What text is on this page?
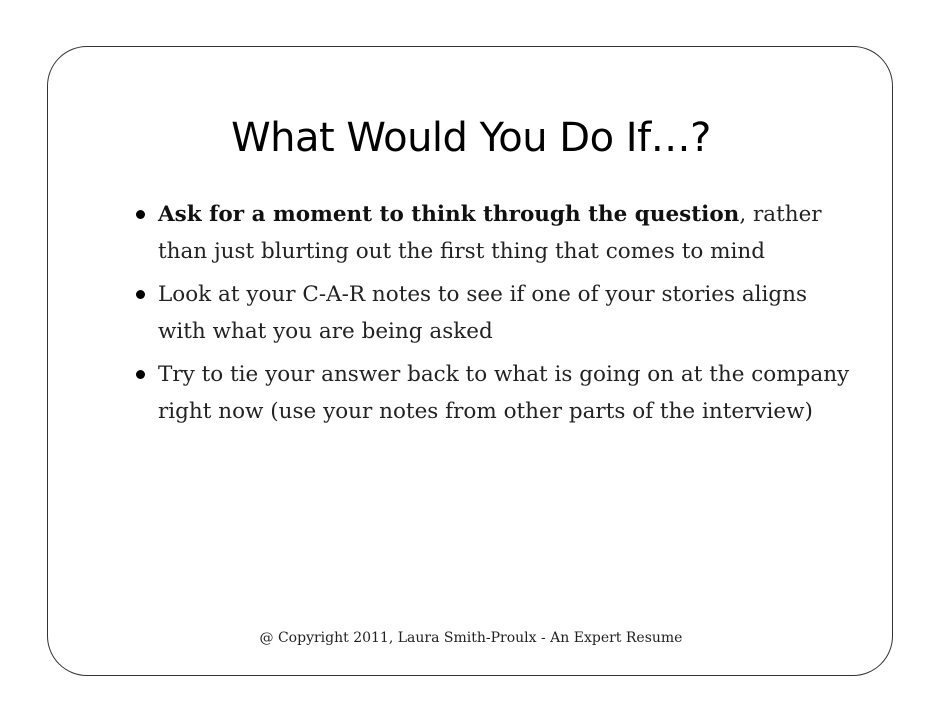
What Would You Do If…?
Ask for a moment to think through the question, rather than just blurting out the first thing that comes to mind
Look at your C-A-R notes to see if one of your stories aligns with what you are being asked
Try to tie your answer back to what is going on at the company right now (use your notes from other parts of the interview)

@ Copyright 2011, Laura Smith-Proulx - An Expert Resume
